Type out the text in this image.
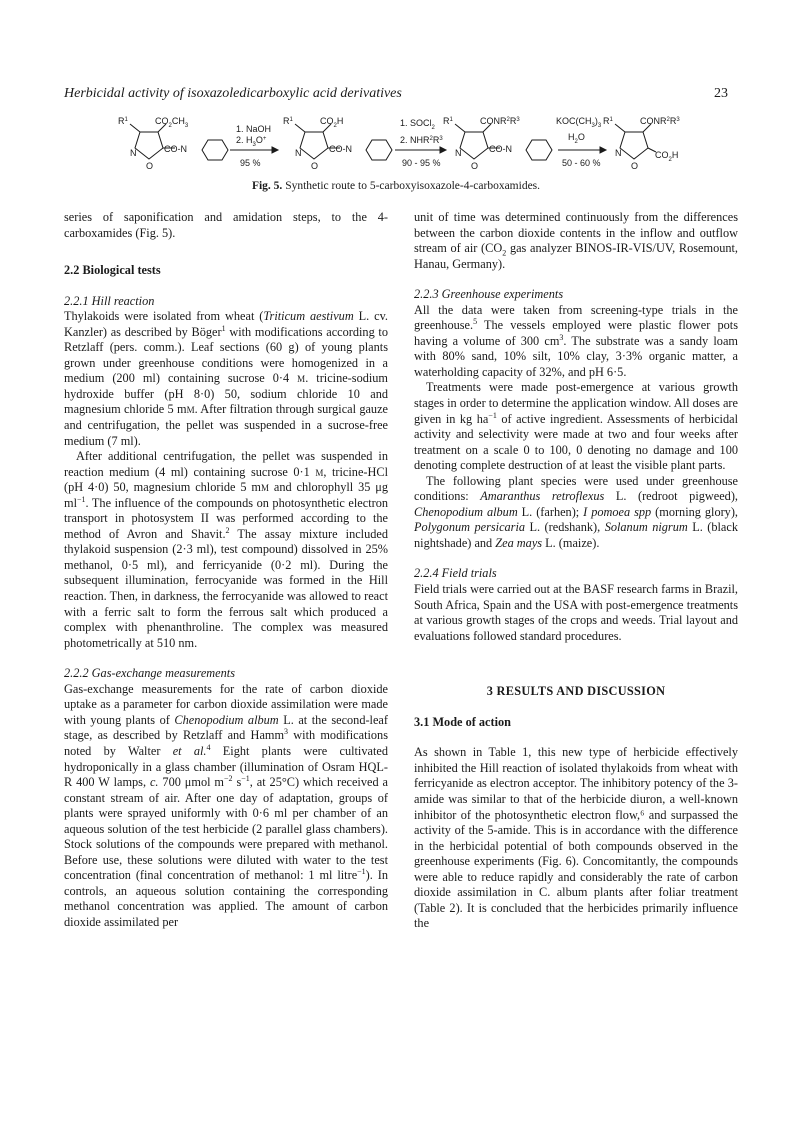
Herbicidal activity of isoxazoledicarboxylic acid derivatives	23
$R^1$	$CO_2CH_3$
N
O
CO-N
1. NaOH
2. $H_3O^+$
95 %
$R^1$	$CO_2H$
N
O
CO-N
1. SOCl$_2$
2. $NHR^2R^3$
90 - 95 %
$R^1$	$CONR^2R^3$
N
O
CO-N
$KOC(CH_3)_3$
$H_2O$
50 - 60 %
$R^1$	$CONR^2R^3$
N
O
$CO_2H$
Fig. 5. Synthetic route to 5-carboxyisoxazole-4-carboxamides.

series of saponification and amidation steps, to the 4-carboxamides (Fig. 5).

2.2 Biological tests

2.2.1 Hill reaction

Thylakoids were isolated from wheat (Triticum aestivum L. cv. Kanzler) as described by Böger$^1$ with modifications according to Retzlaff (pers. comm.). Leaf sections (60 g) of young plants grown under greenhouse conditions were homogenized in a medium (200 ml) containing sucrose 0·4 m. tricine-sodium hydroxide buffer (pH 8·0) 50, sodium chloride 10 and magnesium chloride 5 mm. After filtration through surgical gauze and centrifugation, the pellet was suspended in a sucrose-free medium (7 ml).

After additional centrifugation, the pellet was suspended in reaction medium (4 ml) containing sucrose 0·1 m, tricine-HCl (pH 4·0) 50, magnesium chloride 5 mm and chlorophyll 35 μg $ml^{-1}$. The influence of the compounds on photosynthetic electron transport in photosystem II was performed according to the method of Avron and Shavit.$^2$ The assay mixture included thylakoid suspension (2·3 ml), test compound) dissolved in 25% methanol, 0·5 ml), and ferricyanide (0·2 ml). During the subsequent illumination, ferrocyanide was formed in the Hill reaction. Then, in darkness, the ferrocyanide was allowed to react with a ferric salt to form the ferrous salt which produced a complex with phenanthroline. The complex was measured photometrically at 510 nm.

2.2.2 Gas-exchange measurements

Gas-exchange measurements for the rate of carbon dioxide uptake as a parameter for carbon dioxide assimilation were made with young plants of Chenopodium album L. at the second-leaf stage, as described by Retzlaff and Hamm$^3$ with modifications noted by Walter et al.$^4$ Eight plants were cultivated hydroponically in a glass chamber (illumination of Osram HQL-R 400 W lamps, c. 700 μmol $m^{-2}$ $s^{-1}$, at 25°C) which received a constant stream of air. After one day of adaptation, groups of plants were sprayed uniformly with 0·6 ml per chamber of an aqueous solution of the test herbicide (2 parallel glass chambers). Stock solutions of the compounds were prepared with methanol. Before use, these solutions were diluted with water to the test concentration (final concentration of methanol: 1 ml litre$^{-1}$). In controls, an aqueous solution containing the corresponding methanol concentration was applied. The amount of carbon dioxide assimilated per

unit of time was determined continuously from the differences between the carbon dioxide contents in the inflow and outflow stream of air ($CO_2$ gas analyzer BINOS-IR-VIS/UV, Rosemount, Hanau, Germany).

2.2.3 Greenhouse experiments

All the data were taken from screening-type trials in the greenhouse.$^5$ The vessels employed were plastic flower pots having a volume of 300 $cm^3$. The substrate was a sandy loam with 80% sand, 10% silt, 10% clay, 3·3% organic matter, a waterholding capacity of 32%, and pH 6·5.

Treatments were made post-emergence at various growth stages in order to determine the application window. All doses are given in kg $ha^{-1}$ of active ingredient. Assessments of herbicidal activity and selectivity were made at two and four weeks after treatment on a scale 0 to 100, 0 denoting no damage and 100 denoting complete destruction of at least the visible plant parts.

The following plant species were used under greenhouse conditions: Amaranthus retroflexus L. (redroot pigweed), Chenopodium album L. (farhen); I pomoea spp (morning glory), Polygonum persicaria L. (redshank), Solanum nigrum L. (black nightshade) and Zea mays L. (maize).

2.2.4 Field trials

Field trials were carried out at the BASF research farms in Brazil, South Africa, Spain and the USA with post-emergence treatments at various growth stages of the crops and weeds. Trial layout and evaluations followed standard procedures.

3 RESULTS AND DISCUSSION

3.1 Mode of action

As shown in Table 1, this new type of herbicide effectively inhibited the Hill reaction of isolated thylakoids from wheat with ferricyanide as electron acceptor. The inhibitory potency of the 3-amide was similar to that of the herbicide diuron, a well-known inhibitor of the photosynthetic electron flow,⁶ and surpassed the activity of the 5-amide. This is in accordance with the difference in the herbicidal potential of both compounds observed in the greenhouse experiments (Fig. 6). Concomitantly, the compounds were able to reduce rapidly and considerably the rate of carbon dioxide assimilation in C. album plants after foliar treatment (Table 2). It is concluded that the herbicides primarily influence the
